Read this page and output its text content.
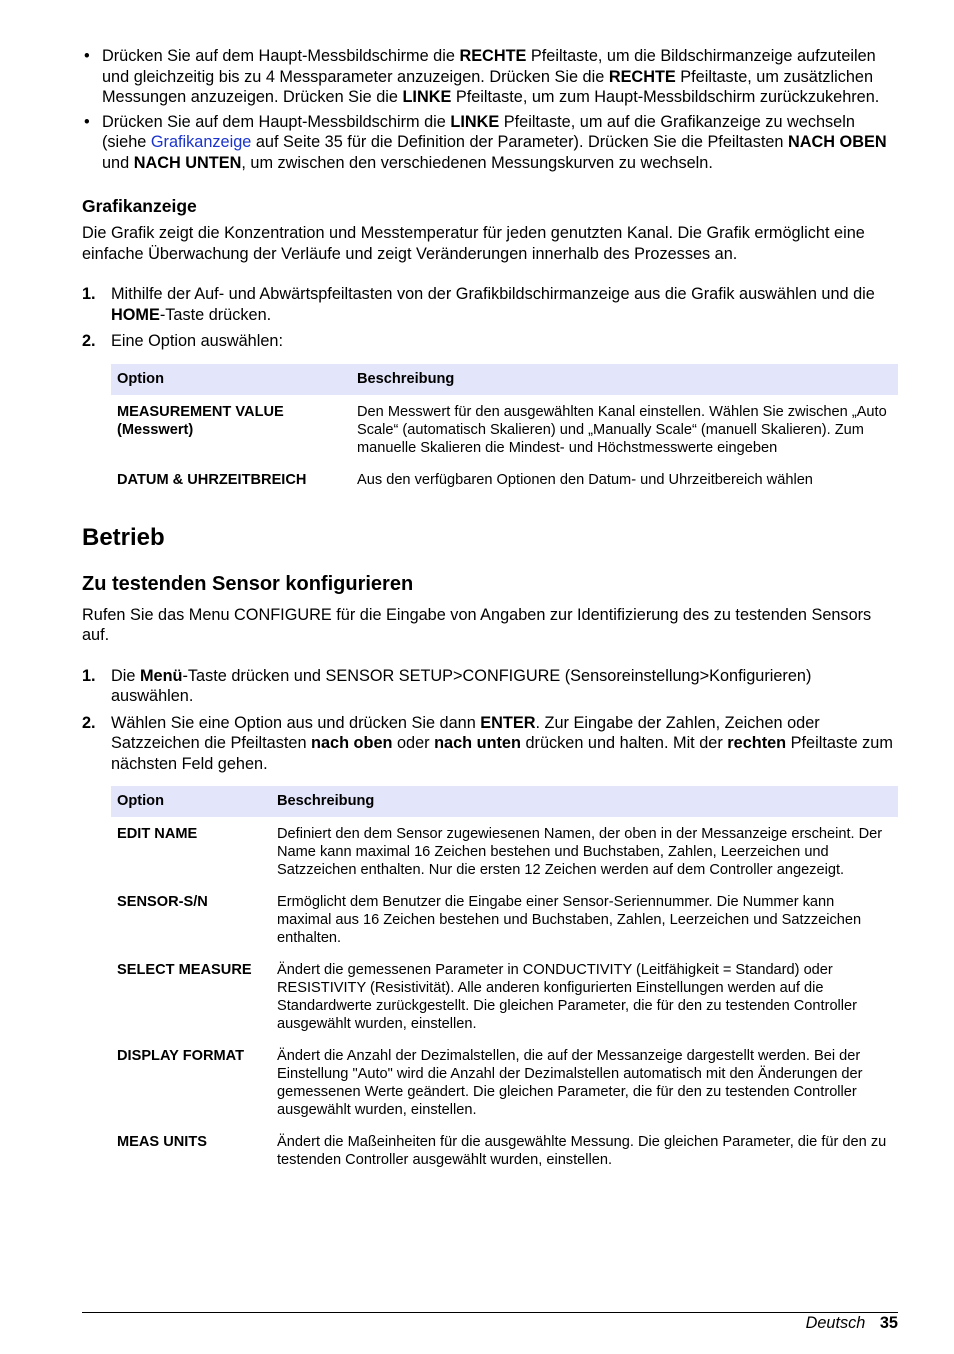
• Drücken Sie auf dem Haupt-Messbildschirme die RECHTE Pfeiltaste, um die Bildschirmanzeige aufzuteilen und gleichzeitig bis zu 4 Messparameter anzuzeigen. Drücken Sie die RECHTE Pfeiltaste, um zusätzlichen Messungen anzuzeigen. Drücken Sie die LINKE Pfeiltaste, um zum Haupt-Messbildschirm zurückzukehren.
• Drücken Sie auf dem Haupt-Messbildschirm die LINKE Pfeiltaste, um auf die Grafikanzeige zu wechseln (siehe Grafikanzeige auf Seite 35 für die Definition der Parameter). Drücken Sie die Pfeiltasten NACH OBEN und NACH UNTEN, um zwischen den verschiedenen Messungskurven zu wechseln.
Grafikanzeige

Die Grafik zeigt die Konzentration und Messtemperatur für jeden genutzten Kanal. Die Grafik ermöglicht eine einfache Überwachung der Verläufe und zeigt Veränderungen innerhalb des Prozesses an.

1. Mithilfe der Auf- und Abwärtspfeiltasten von der Grafikbildschirmanzeige aus die Grafik auswählen und die HOME-Taste drücken.
2. Eine Option auswählen:
Option	Beschreibung
MEASUREMENT VALUE (Messwert)	Den Messwert für den ausgewählten Kanal einstellen. Wählen Sie zwischen „Auto Scale“ (automatisch Skalieren) und „Manually Scale“ (manuell Skalieren). Zum manuelle Skalieren die Mindest- und Höchstmesswerte eingeben
DATUM & UHRZEITBREICH	Aus den verfügbaren Optionen den Datum- und Uhrzeitbereich wählen
Betrieb
Zu testenden Sensor konfigurieren

Rufen Sie das Menu CONFIGURE für die Eingabe von Angaben zur Identifizierung des zu testenden Sensors auf.

1. Die Menü-Taste drücken und SENSOR SETUP>CONFIGURE (Sensoreinstellung>Konfigurieren) auswählen.
2. Wählen Sie eine Option aus und drücken Sie dann ENTER. Zur Eingabe der Zahlen, Zeichen oder Satzzeichen die Pfeiltasten nach oben oder nach unten drücken und halten. Mit der rechten Pfeiltaste zum nächsten Feld gehen.
Option	Beschreibung
EDIT NAME	Definiert den dem Sensor zugewiesenen Namen, der oben in der Messanzeige erscheint. Der Name kann maximal 16 Zeichen bestehen und Buchstaben, Zahlen, Leerzeichen und Satzzeichen enthalten. Nur die ersten 12 Zeichen werden auf dem Controller angezeigt.
SENSOR-S/N	Ermöglicht dem Benutzer die Eingabe einer Sensor-Seriennummer. Die Nummer kann maximal aus 16 Zeichen bestehen und Buchstaben, Zahlen, Leerzeichen und Satzzeichen enthalten.
SELECT MEASURE	Ändert die gemessenen Parameter in CONDUCTIVITY (Leitfähigkeit = Standard) oder RESISTIVITY (Resistivität). Alle anderen konfigurierten Einstellungen werden auf die Standardwerte zurückgestellt. Die gleichen Parameter, die für den zu testenden Controller ausgewählt wurden, einstellen.
DISPLAY FORMAT	Ändert die Anzahl der Dezimalstellen, die auf der Messanzeige dargestellt werden. Bei der Einstellung "Auto" wird die Anzahl der Dezimalstellen automatisch mit den Änderungen der gemessenen Werte geändert. Die gleichen Parameter, die für den zu testenden Controller ausgewählt wurden, einstellen.
MEAS UNITS	Ändert die Maßeinheiten für die ausgewählte Messung. Die gleichen Parameter, die für den zu testenden Controller ausgewählt wurden, einstellen.
Deutsch 35
